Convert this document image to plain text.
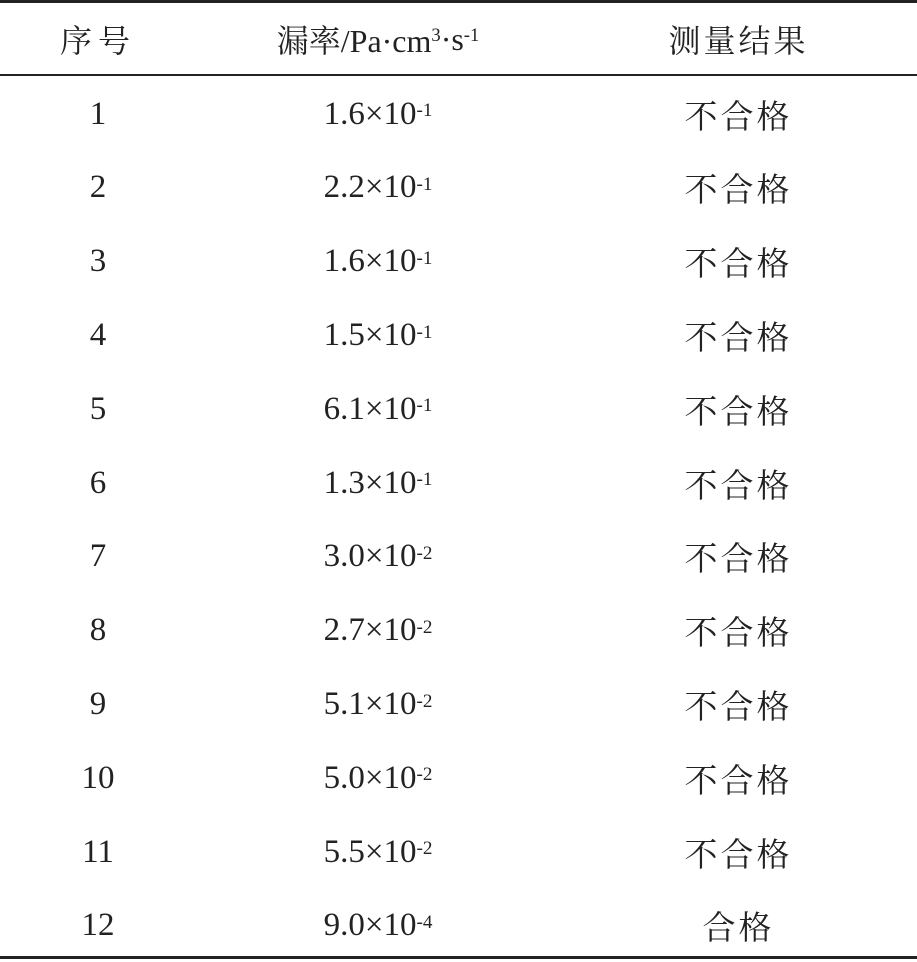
序号	漏率$/Pa\cdot cm^3 \cdot s^{-1}$	测量结果
1	$1.6\times 10^{-1}$	不合格
2	$2.2\times 10^{-1}$	不合格
3	$1.6\times 10^{-1}$	不合格
4	$1.5\times 10^{-1}$	不合格
5	$6.1\times 10^{-1}$	不合格
6	$1.3\times 10^{-1}$	不合格
7	$3.0\times 10^{-2}$	不合格
8	$2.7\times 10^{-2}$	不合格
9	$5.1\times 10^{-2}$	不合格
10	$5.0\times 10^{-2}$	不合格
11	$5.5\times 10^{-2}$	不合格
12	$9.0\times 10^{-4}$	合格
